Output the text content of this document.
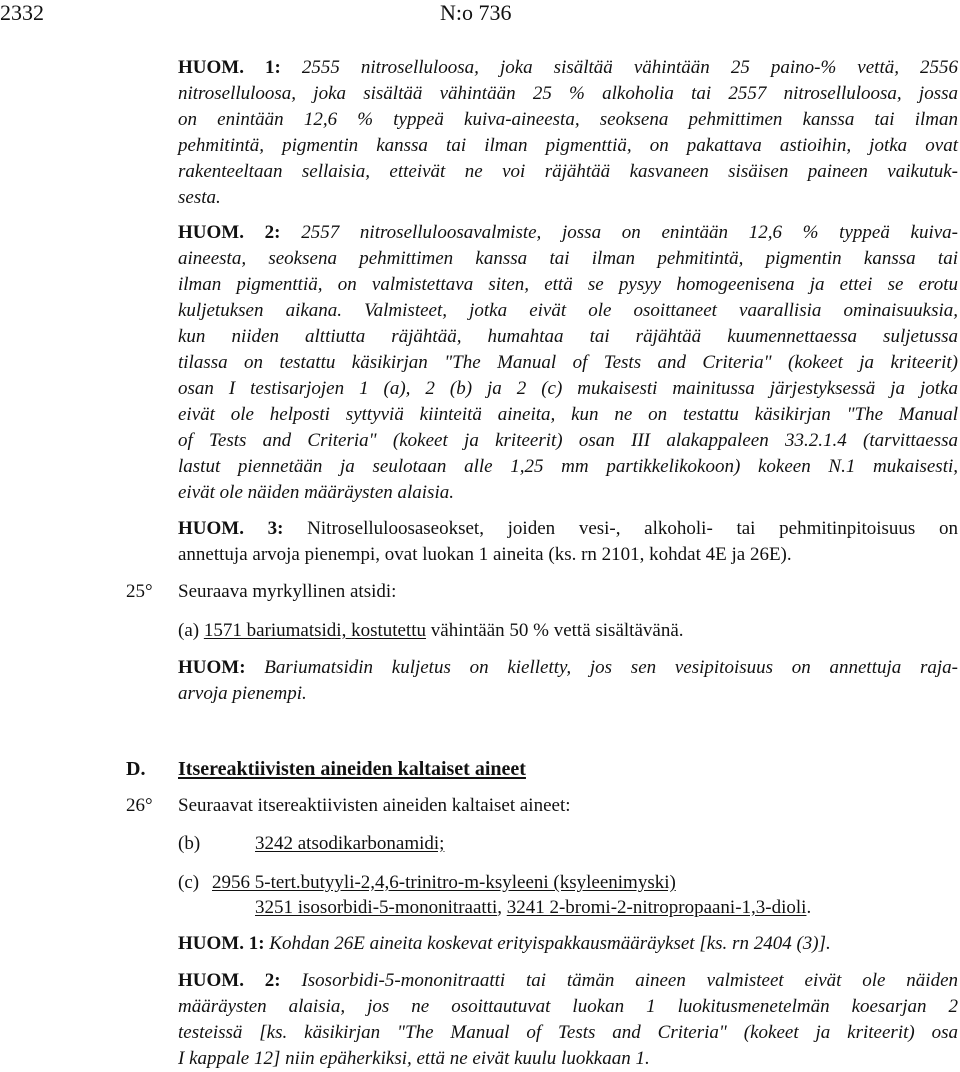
2332	N:o 736
HUOM. 1: 2555 nitroselluloosa, joka sisältää vähintään 25 paino-% vettä, 2556
nitroselluloosa, joka sisältää vähintään 25 % alkoholia tai 2557 nitroselluloosa, jossa
on enintään 12,6 % typpeä kuiva-aineesta, seoksena pehmittimen kanssa tai ilman
pehmitintä, pigmentin kanssa tai ilman pigmenttiä, on pakattava astioihin, jotka ovat
rakenteeltaan sellaisia, etteivät ne voi räjähtää kasvaneen sisäisen paineen vaikutuk-
sesta.
HUOM. 2: 2557 nitroselluloosavalmiste, jossa on enintään 12,6 % typpeä kuiva-
aineesta, seoksena pehmittimen kanssa tai ilman pehmitintä, pigmentin kanssa tai
ilman pigmenttiä, on valmistettava siten, että se pysyy homogeenisena ja ettei se erotu
kuljetuksen aikana. Valmisteet, jotka eivät ole osoittaneet vaarallisia ominaisuuksia,
kun niiden alttiutta räjähtää, humahtaa tai räjähtää kuumennettaessa suljetussa
tilassa on testattu käsikirjan "The Manual of Tests and Criteria" (kokeet ja kriteerit)
osan I testisarjojen 1 (a), 2 (b) ja 2 (c) mukaisesti mainitussa järjestyksessä ja jotka
eivät ole helposti syttyviä kiinteitä aineita, kun ne on testattu käsikirjan "The Manual
of Tests and Criteria" (kokeet ja kriteerit) osan III alakappaleen 33.2.1.4 (tarvittaessa
lastut piennetään ja seulotaan alle 1,25 mm partikkelikokoon) kokeen N.1 mukaisesti,
eivät ole näiden määräysten alaisia.
HUOM. 3: Nitroselluloosaseokset, joiden vesi-, alkoholi- tai pehmitinpitoisuus on
annettuja arvoja pienempi, ovat luokan 1 aineita (ks. rn 2101, kohdat 4E ja 26E).
25° Seuraava myrkyllinen atsidi:
(a) 1571 bariumatsidi, kostutettu vähintään 50 % vettä sisältävänä.
HUOM: Bariumatsidin kuljetus on kielletty, jos sen vesipitoisuus on annettuja raja-
arvoja pienempi.
D. Itsereaktiivisten aineiden kaltaiset aineet
26° Seuraavat itsereaktiivisten aineiden kaltaiset aineet:
(b)	3242 atsodikarbonamidi;
(c) 2956 5-tert.butyyli-2,4,6-trinitro-m-ksyleeni (ksyleenimyski)
3251 isosorbidi-5-mononitraatti, 3241 2-bromi-2-nitropropaani-1,3-dioli.
HUOM. 1: Kohdan 26E aineita koskevat erityispakkausmääräykset [ks. rn 2404 (3)].
HUOM. 2: Isosorbidi-5-mononitraatti tai tämän aineen valmisteet eivät ole näiden
määräysten alaisia, jos ne osoittautuvat luokan 1 luokitusmenetelmän koesarjan 2
testeissä [ks. käsikirjan "The Manual of Tests and Criteria" (kokeet ja kriteerit) osa
I kappale 12] niin epäherkiksi, että ne eivät kuulu luokkaan 1.
